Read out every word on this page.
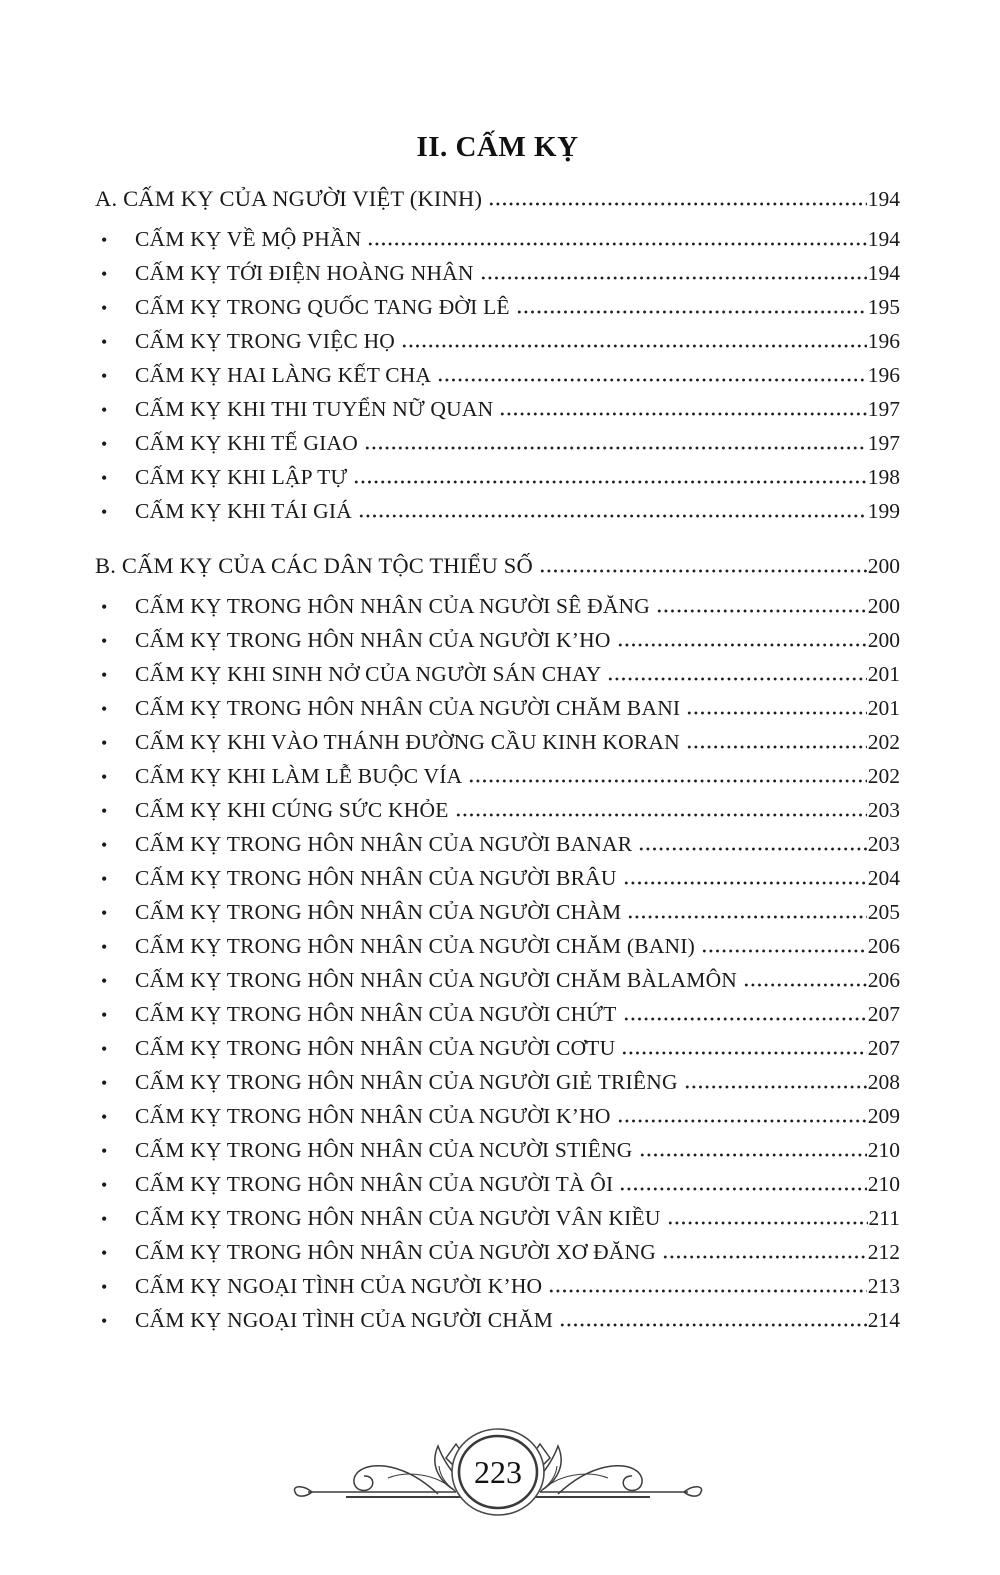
II. CẤM KỴ
A. CẤM KỴ CỦA NGƯỜI VIỆT (KINH)	194
•	CẤM KỴ VỀ MỘ PHẦN	194
•	CẤM KỴ TỚI ĐIỆN HOÀNG NHÂN	194
•	CẤM KỴ TRONG QUỐC TANG ĐỜI LÊ	195
•	CẤM KỴ TRONG VIỆC HỌ	196
•	CẤM KỴ HAI LÀNG KẾT CHẠ	196
•	CẤM KỴ KHI THI TUYỂN NỮ QUAN	197
•	CẤM KỴ KHI TẾ GIAO	197
•	CẤM KỴ KHI LẬP TỰ	198
•	CẤM KỴ KHI TÁI GIÁ	199
B. CẤM KỴ CỦA CÁC DÂN TỘC THIỂU SỐ	200
•	CẤM KỴ TRONG HÔN NHÂN CỦA NGƯỜI SÊ ĐĂNG	200
•	CẤM KỴ TRONG HÔN NHÂN CỦA NGƯỜI K’HO	200
•	CẤM KỴ KHI SINH NỞ CỦA NGƯỜI SÁN CHAY	201
•	CẤM KỴ TRONG HÔN NHÂN CỦA NGƯỜI CHĂM BANI	201
•	CẤM KỴ KHI VÀO THÁNH ĐƯỜNG CẦU KINH KORAN	202
•	CẤM KỴ KHI LÀM LỄ BUỘC VÍA	202
•	CẤM KỴ KHI CÚNG SỨC KHỎE	203
•	CẤM KỴ TRONG HÔN NHÂN CỦA NGƯỜI BANAR	203
•	CẤM KỴ TRONG HÔN NHÂN CỦA NGƯỜI BRÂU	204
•	CẤM KỴ TRONG HÔN NHÂN CỦA NGƯỜI CHÀM	205
•	CẤM KỴ TRONG HÔN NHÂN CỦA NGƯỜI CHĂM (BANI)	206
•	CẤM KỴ TRONG HÔN NHÂN CỦA NGƯỜI CHĂM BÀLAMÔN	206
•	CẤM KỴ TRONG HÔN NHÂN CỦA NGƯỜI CHỨT	207
•	CẤM KỴ TRONG HÔN NHÂN CỦA NGƯỜI CƠTU	207
•	CẤM KỴ TRONG HÔN NHÂN CỦA NGƯỜI GIẺ TRIÊNG	208
•	CẤM KỴ TRONG HÔN NHÂN CỦA NGƯỜI K’HO	209
•	CẤM KỴ TRONG HÔN NHÂN CỦA NCƯỜI STIÊNG	210
•	CẤM KỴ TRONG HÔN NHÂN CỦA NGƯỜI TÀ ÔI	210
•	CẤM KỴ TRONG HÔN NHÂN CỦA NGƯỜI VÂN KIỀU	211
•	CẤM KỴ TRONG HÔN NHÂN CỦA NGƯỜI XƠ ĐĂNG	212
•	CẤM KỴ NGOẠI TÌNH CỦA NGƯỜI K’HO	213
•	CẤM KỴ NGOẠI TÌNH CỦA NGƯỜI CHĂM	214
223
